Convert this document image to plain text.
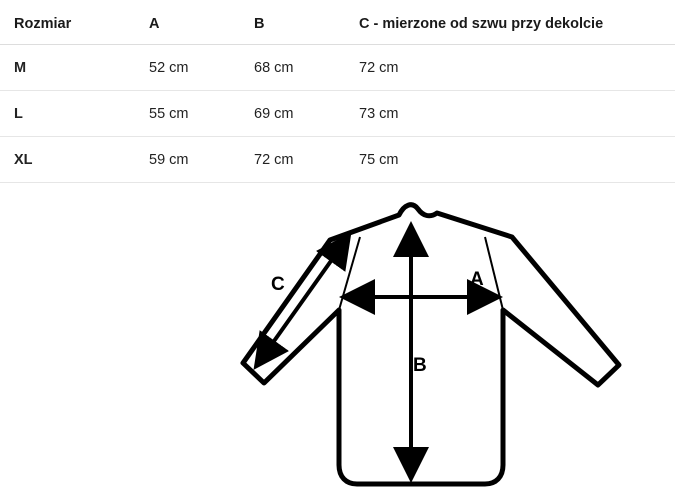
Rozmiar	A	B	C - mierzone od szwu przy dekolcie
M	52 cm	68 cm	72 cm
L	55 cm	69 cm	73 cm
XL	59 cm	72 cm	75 cm
A
B
C
